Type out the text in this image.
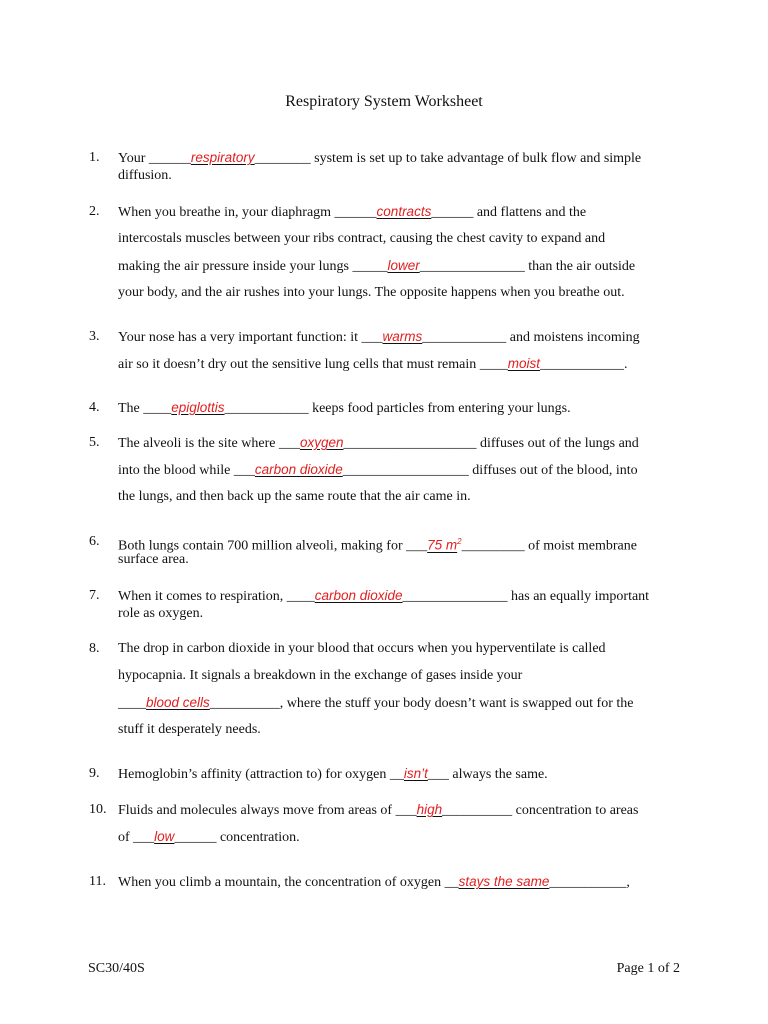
Respiratory System Worksheet
1. Your ______respiratory________ system is set up to take advantage of bulk flow and simple
diffusion.
2. When you breathe in, your diaphragm ______contracts______ and flattens and the
intercostals muscles between your ribs contract, causing the chest cavity to expand and
making the air pressure inside your lungs _____lower_______________ than the air outside
your body, and the air rushes into your lungs. The opposite happens when you breathe out.
3. Your nose has a very important function: it ___warms____________ and moistens incoming
air so it doesn’t dry out the sensitive lung cells that must remain ____moist____________.
4. The ____epiglottis____________ keeps food particles from entering your lungs.
5. The alveoli is the site where ___oxygen___________________ diffuses out of the lungs and
into the blood while ___carbon dioxide__________________ diffuses out of the blood, into
the lungs, and then back up the same route that the air came in.
6. Both lungs contain 700 million alveoli, making for ___75 $m^2\_\_\_\_\_\_\_\_\_$ of moist membrane
surface area.
7. When it comes to respiration, ____carbon dioxide_______________ has an equally important
role as oxygen.
8. The drop in carbon dioxide in your blood that occurs when you hyperventilate is called
hypocapnia. It signals a breakdown in the exchange of gases inside your
____blood cells__________, where the stuff your body doesn’t want is swapped out for the
stuff it desperately needs.
9. Hemoglobin’s affinity (attraction to) for oxygen __isn’t___ always the same.
10. Fluids and molecules always move from areas of ___high__________ concentration to areas
of ___low______ concentration.
11. When you climb a mountain, the concentration of oxygen __stays the same___________,
SC30/40S	Page 1 of 2
